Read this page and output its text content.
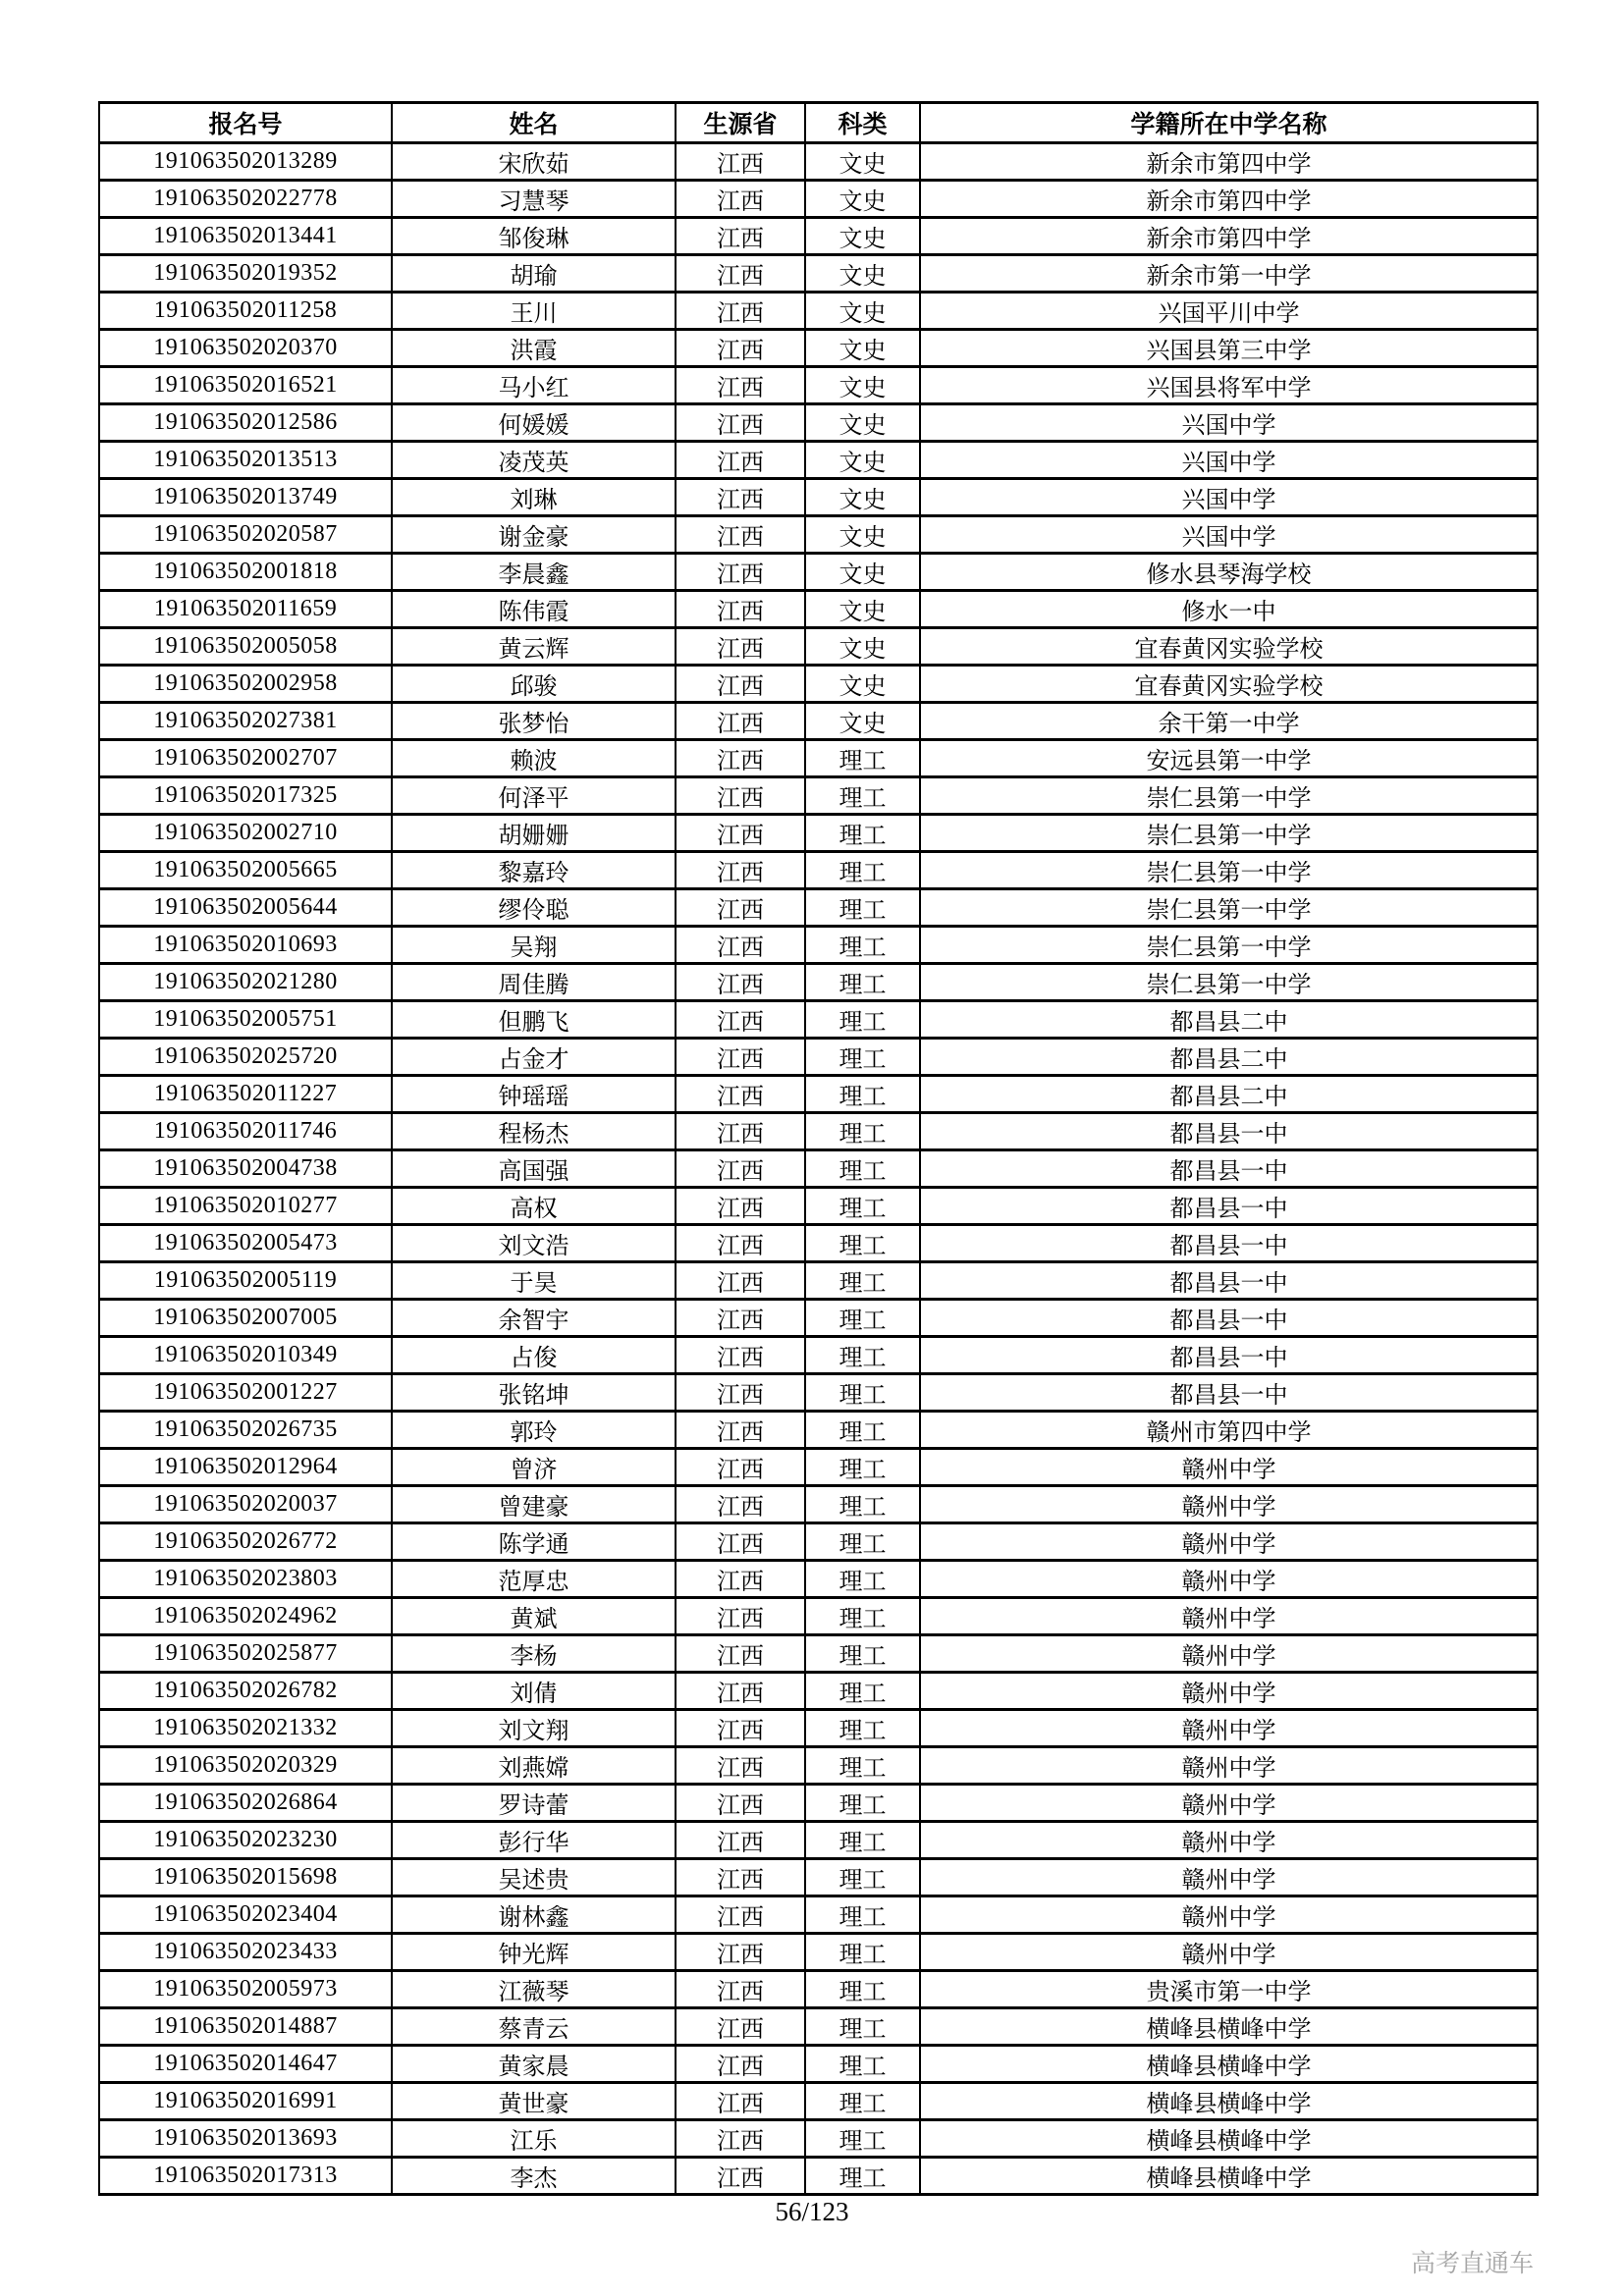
报名号	姓名	生源省	科类	学籍所在中学名称
191063502013289	宋欣茹	江西	文史	新余市第四中学
191063502022778	习慧琴	江西	文史	新余市第四中学
191063502013441	邹俊琳	江西	文史	新余市第四中学
191063502019352	胡瑜	江西	文史	新余市第一中学
191063502011258	王川	江西	文史	兴国平川中学
191063502020370	洪霞	江西	文史	兴国县第三中学
191063502016521	马小红	江西	文史	兴国县将军中学
191063502012586	何媛媛	江西	文史	兴国中学
191063502013513	凌茂英	江西	文史	兴国中学
191063502013749	刘琳	江西	文史	兴国中学
191063502020587	谢金豪	江西	文史	兴国中学
191063502001818	李晨鑫	江西	文史	修水县琴海学校
191063502011659	陈伟霞	江西	文史	修水一中
191063502005058	黄云辉	江西	文史	宜春黄冈实验学校
191063502002958	邱骏	江西	文史	宜春黄冈实验学校
191063502027381	张梦怡	江西	文史	余干第一中学
191063502002707	赖波	江西	理工	安远县第一中学
191063502017325	何泽平	江西	理工	崇仁县第一中学
191063502002710	胡姗姗	江西	理工	崇仁县第一中学
191063502005665	黎嘉玲	江西	理工	崇仁县第一中学
191063502005644	缪伶聪	江西	理工	崇仁县第一中学
191063502010693	吴翔	江西	理工	崇仁县第一中学
191063502021280	周佳腾	江西	理工	崇仁县第一中学
191063502005751	但鹏飞	江西	理工	都昌县二中
191063502025720	占金才	江西	理工	都昌县二中
191063502011227	钟瑶瑶	江西	理工	都昌县二中
191063502011746	程杨杰	江西	理工	都昌县一中
191063502004738	高国强	江西	理工	都昌县一中
191063502010277	高权	江西	理工	都昌县一中
191063502005473	刘文浩	江西	理工	都昌县一中
191063502005119	于昊	江西	理工	都昌县一中
191063502007005	余智宇	江西	理工	都昌县一中
191063502010349	占俊	江西	理工	都昌县一中
191063502001227	张铭坤	江西	理工	都昌县一中
191063502026735	郭玲	江西	理工	赣州市第四中学
191063502012964	曾济	江西	理工	赣州中学
191063502020037	曾建豪	江西	理工	赣州中学
191063502026772	陈学通	江西	理工	赣州中学
191063502023803	范厚忠	江西	理工	赣州中学
191063502024962	黄斌	江西	理工	赣州中学
191063502025877	李杨	江西	理工	赣州中学
191063502026782	刘倩	江西	理工	赣州中学
191063502021332	刘文翔	江西	理工	赣州中学
191063502020329	刘燕嫦	江西	理工	赣州中学
191063502026864	罗诗蕾	江西	理工	赣州中学
191063502023230	彭行华	江西	理工	赣州中学
191063502015698	吴述贵	江西	理工	赣州中学
191063502023404	谢林鑫	江西	理工	赣州中学
191063502023433	钟光辉	江西	理工	赣州中学
191063502005973	江薇琴	江西	理工	贵溪市第一中学
191063502014887	蔡青云	江西	理工	横峰县横峰中学
191063502014647	黄家晨	江西	理工	横峰县横峰中学
191063502016991	黄世豪	江西	理工	横峰县横峰中学
191063502013693	江乐	江西	理工	横峰县横峰中学
191063502017313	李杰	江西	理工	横峰县横峰中学
56/123
高考直通车
